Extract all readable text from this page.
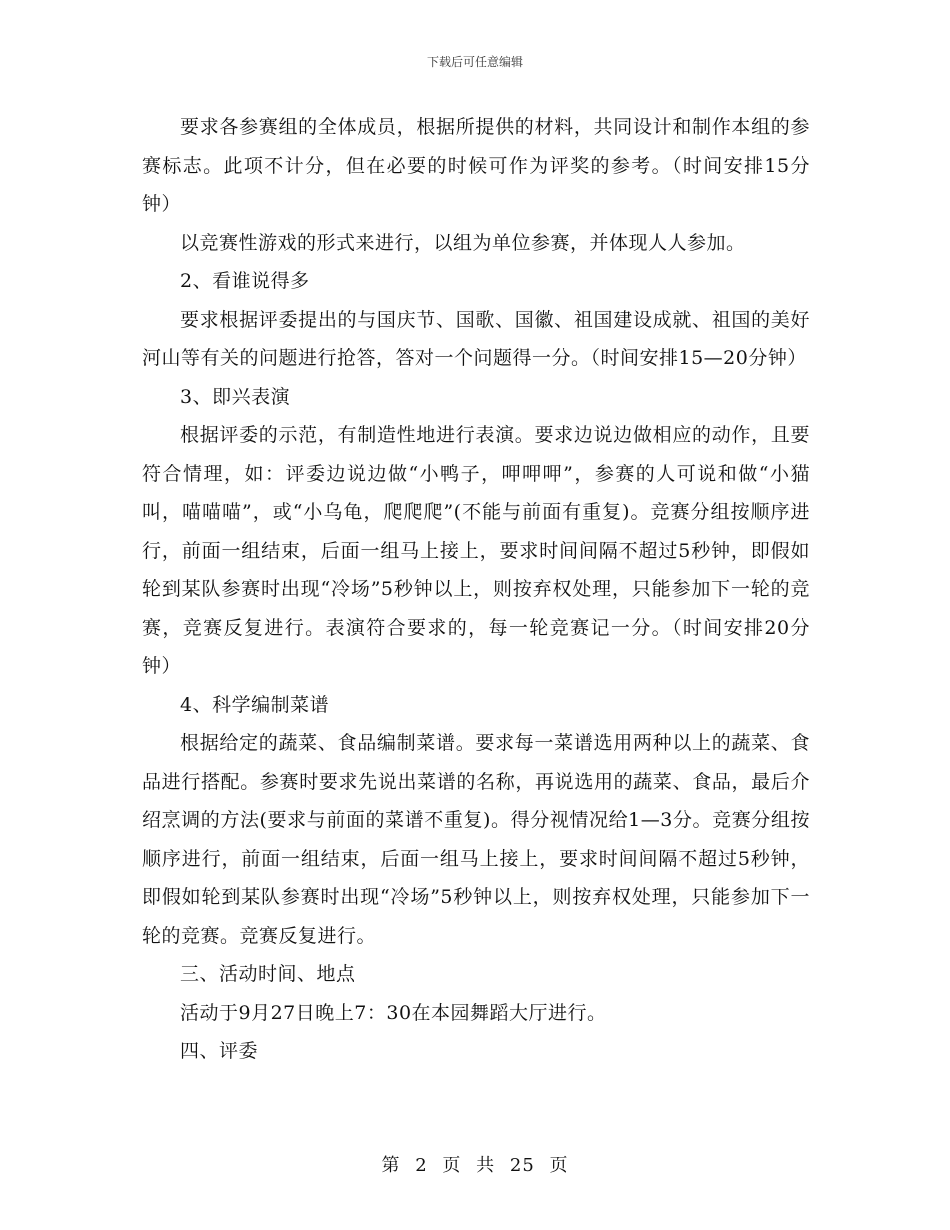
下载后可任意编辑

要求各参赛组的全体成员，根据所提供的材料，共同设计和制作本组的参赛标志。此项不计分，但在必要的时候可作为评奖的参考。（时间安排15分钟）

以竞赛性游戏的形式来进行，以组为单位参赛，并体现人人参加。

2、看谁说得多

要求根据评委提出的与国庆节、国歌、国徽、祖国建设成就、祖国的美好河山等有关的问题进行抢答，答对一个问题得一分。（时间安排15—20分钟）

3、即兴表演

根据评委的示范，有制造性地进行表演。要求边说边做相应的动作，且要符合情理，如：评委边说边做“小鸭子，呷呷呷”，参赛的人可说和做“小猫叫，喵喵喵”，或“小乌龟，爬爬爬”(不能与前面有重复)。竞赛分组按顺序进行，前面一组结束，后面一组马上接上，要求时间间隔不超过5秒钟，即假如轮到某队参赛时出现“冷场”5秒钟以上，则按弃权处理，只能参加下一轮的竞赛，竞赛反复进行。表演符合要求的，每一轮竞赛记一分。（时间安排20分钟）

4、科学编制菜谱

根据给定的蔬菜、食品编制菜谱。要求每一菜谱选用两种以上的蔬菜、食品进行搭配。参赛时要求先说出菜谱的名称，再说选用的蔬菜、食品，最后介绍烹调的方法(要求与前面的菜谱不重复)。得分视情况给1—3分。竞赛分组按顺序进行，前面一组结束，后面一组马上接上，要求时间间隔不超过5秒钟，即假如轮到某队参赛时出现“冷场”5秒钟以上，则按弃权处理，只能参加下一轮的竞赛。竞赛反复进行。

三、活动时间、地点

活动于9月27日晚上7：30在本园舞蹈大厅进行。

四、评委

第 2 页 共 25 页
